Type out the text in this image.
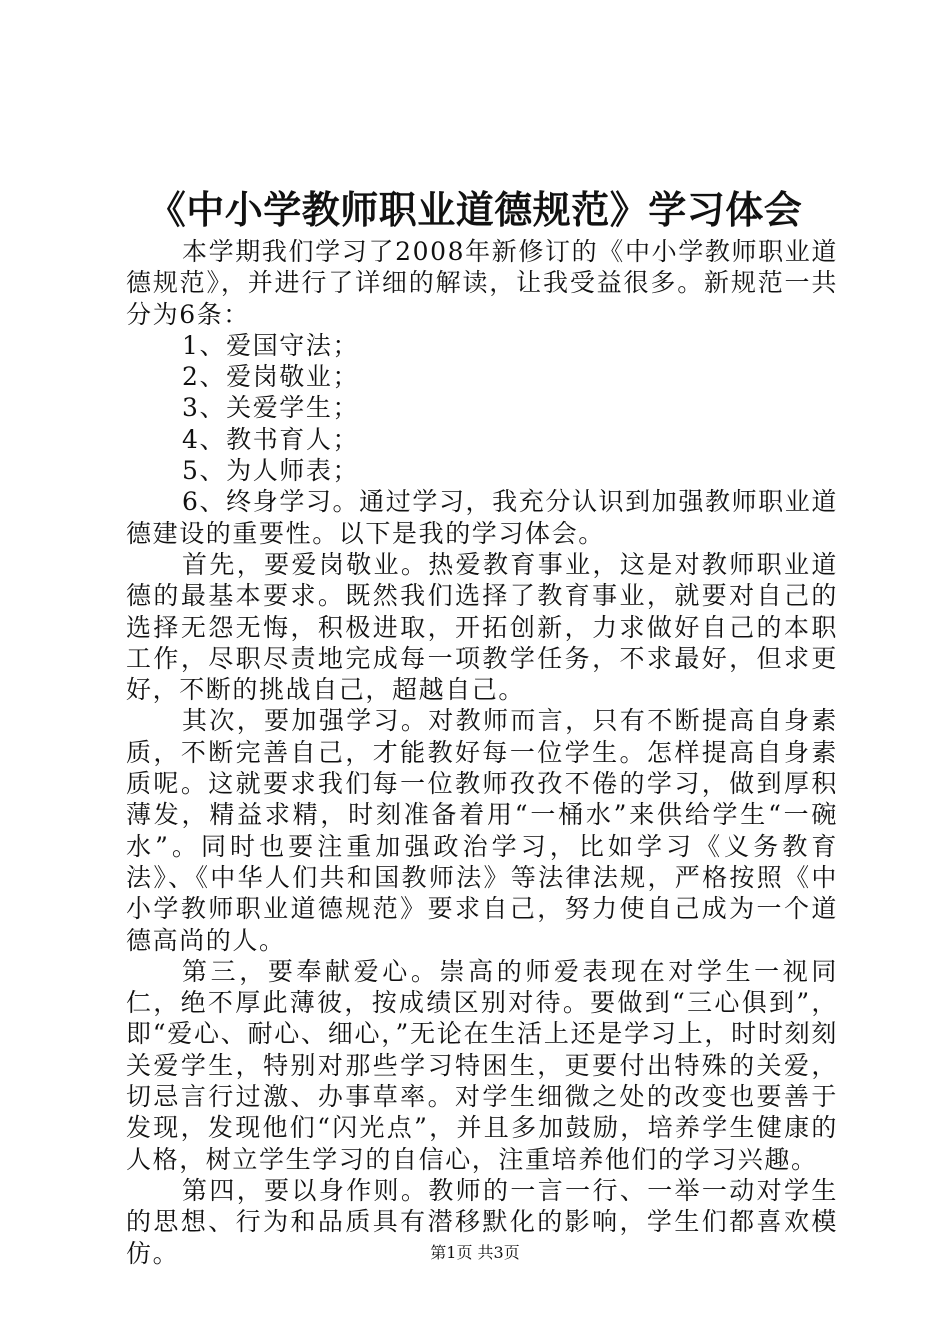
《中小学教师职业道德规范》学习体会

本学期我们学习了2008年新修订的《中小学教师职业道德规范》，并进行了详细的解读，让我受益很多。新规范一共分为6条：

1、爱国守法；

2、爱岗敬业；

3、关爱学生；

4、教书育人；

5、为人师表；

6、终身学习。通过学习，我充分认识到加强教师职业道德建设的重要性。以下是我的学习体会。

首先，要爱岗敬业。热爱教育事业，这是对教师职业道德的最基本要求。既然我们选择了教育事业，就要对自己的选择无怨无悔，积极进取，开拓创新，力求做好自己的本职工作，尽职尽责地完成每一项教学任务，不求最好，但求更好，不断的挑战自己，超越自己。

其次，要加强学习。对教师而言，只有不断提高自身素质，不断完善自己，才能教好每一位学生。怎样提高自身素质呢。这就要求我们每一位教师孜孜不倦的学习，做到厚积薄发，精益求精，时刻准备着用“一桶水”来供给学生“一碗水”。同时也要注重加强政治学习，比如学习《义务教育法》、《中华人们共和国教师法》等法律法规，严格按照《中小学教师职业道德规范》要求自己，努力使自己成为一个道德高尚的人。

第三，要奉献爱心。崇高的师爱表现在对学生一视同仁，绝不厚此薄彼，按成绩区别对待。要做到“三心俱到”，即“爱心、耐心、细心，”无论在生活上还是学习上，时时刻刻关爱学生，特别对那些学习特困生，更要付出特殊的关爱，切忌言行过激、办事草率。对学生细微之处的改变也要善于发现，发现他们“闪光点”，并且多加鼓励，培养学生健康的人格，树立学生学习的自信心，注重培养他们的学习兴趣。

第四，要以身作则。教师的一言一行、一举一动对学生的思想、行为和品质具有潜移默化的影响，学生们都喜欢模仿。	第1页 共3页
